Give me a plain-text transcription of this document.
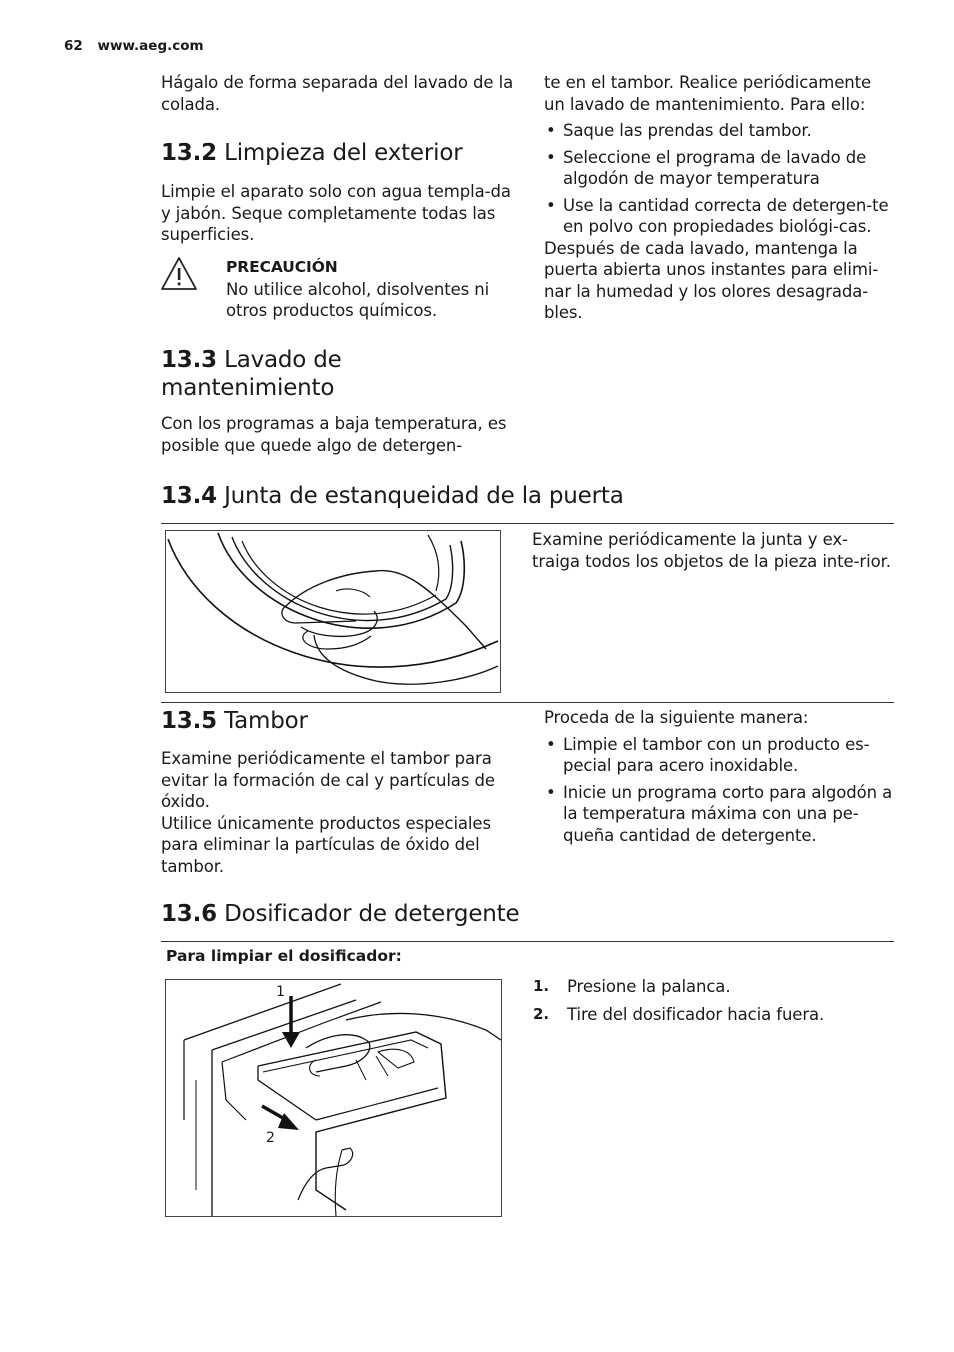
62 www.aeg.com

Hágalo de forma separada del lavado de la colada.

13.2 Limpieza del exterior

Limpie el aparato solo con agua templa-da y jabón. Seque completamente todas las superficies.

PRECAUCIÓN

No utilice alcohol, disolventes ni otros productos químicos.

13.3 Lavado de mantenimiento

Con los programas a baja temperatura, es posible que quede algo de detergen-

te en el tambor. Realice periódicamente un lavado de mantenimiento. Para ello:

• Saque las prendas del tambor.
• Seleccione el programa de lavado de algodón de mayor temperatura
• Use la cantidad correcta de detergen-te en polvo con propiedades biológi-cas.

Después de cada lavado, mantenga la puerta abierta unos instantes para elimi-nar la humedad y los olores desagrada-bles.

13.4 Junta de estanqueidad de la puerta

Examine periódicamente la junta y ex-traiga todos los objetos de la pieza inte-rior.

13.5 Tambor

Examine periódicamente el tambor para evitar la formación de cal y partículas de óxido.

Utilice únicamente productos especiales para eliminar la partículas de óxido del tambor.

Proceda de la siguiente manera:

• Limpie el tambor con un producto es-pecial para acero inoxidable.
• Inicie un programa corto para algodón a la temperatura máxima con una pe-queña cantidad de detergente.
13.6 Dosificador de detergente
Para limpiar el dosificador:
1
2
1. Presione la palanca.
2. Tire del dosificador hacia fuera.
